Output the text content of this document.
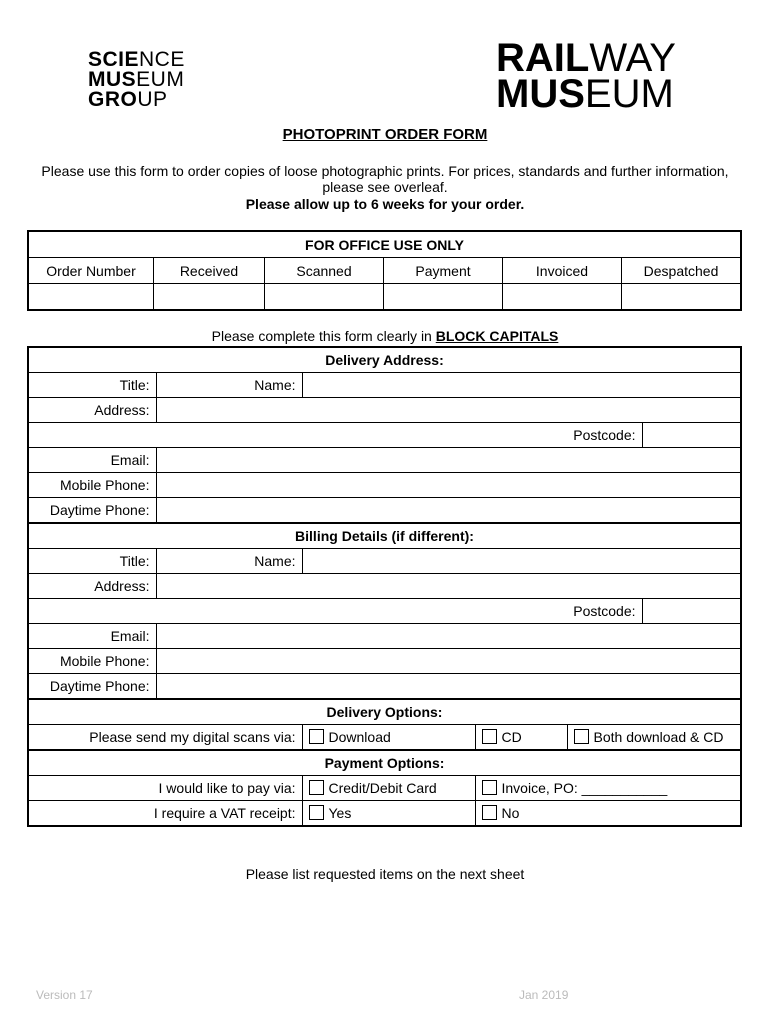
SCIENCE
MUSEUM
GROUP
RAILWAY
MUSEUM
PHOTOPRINT ORDER FORM
Please use this form to order copies of loose photographic prints. For prices, standards and further information, please see overleaf.
Please allow up to 6 weeks for your order.
FOR OFFICE USE ONLY					
Order Number	Received	Scanned	Payment	Invoiced	Despatched

Please complete this form clearly in BLOCK CAPITALS
Delivery Address:					
Title:	Name:				
Address:					
Postcode:					
Email:					
Mobile Phone:					
Daytime Phone:					
Billing Details (if different):					
Title:	Name:				
Address:					
Postcode:					
Email:					
Mobile Phone:					
Daytime Phone:					
Delivery Options:					
Please send my digital scans via:		Download	CD	Both download & CD	
Payment Options:					
I would like to pay via:		Credit/Debit Card	Invoice, PO: ___________		
I require a VAT receipt:		Yes	No		
Please list requested items on the next sheet
Version 17	Jan 2019
